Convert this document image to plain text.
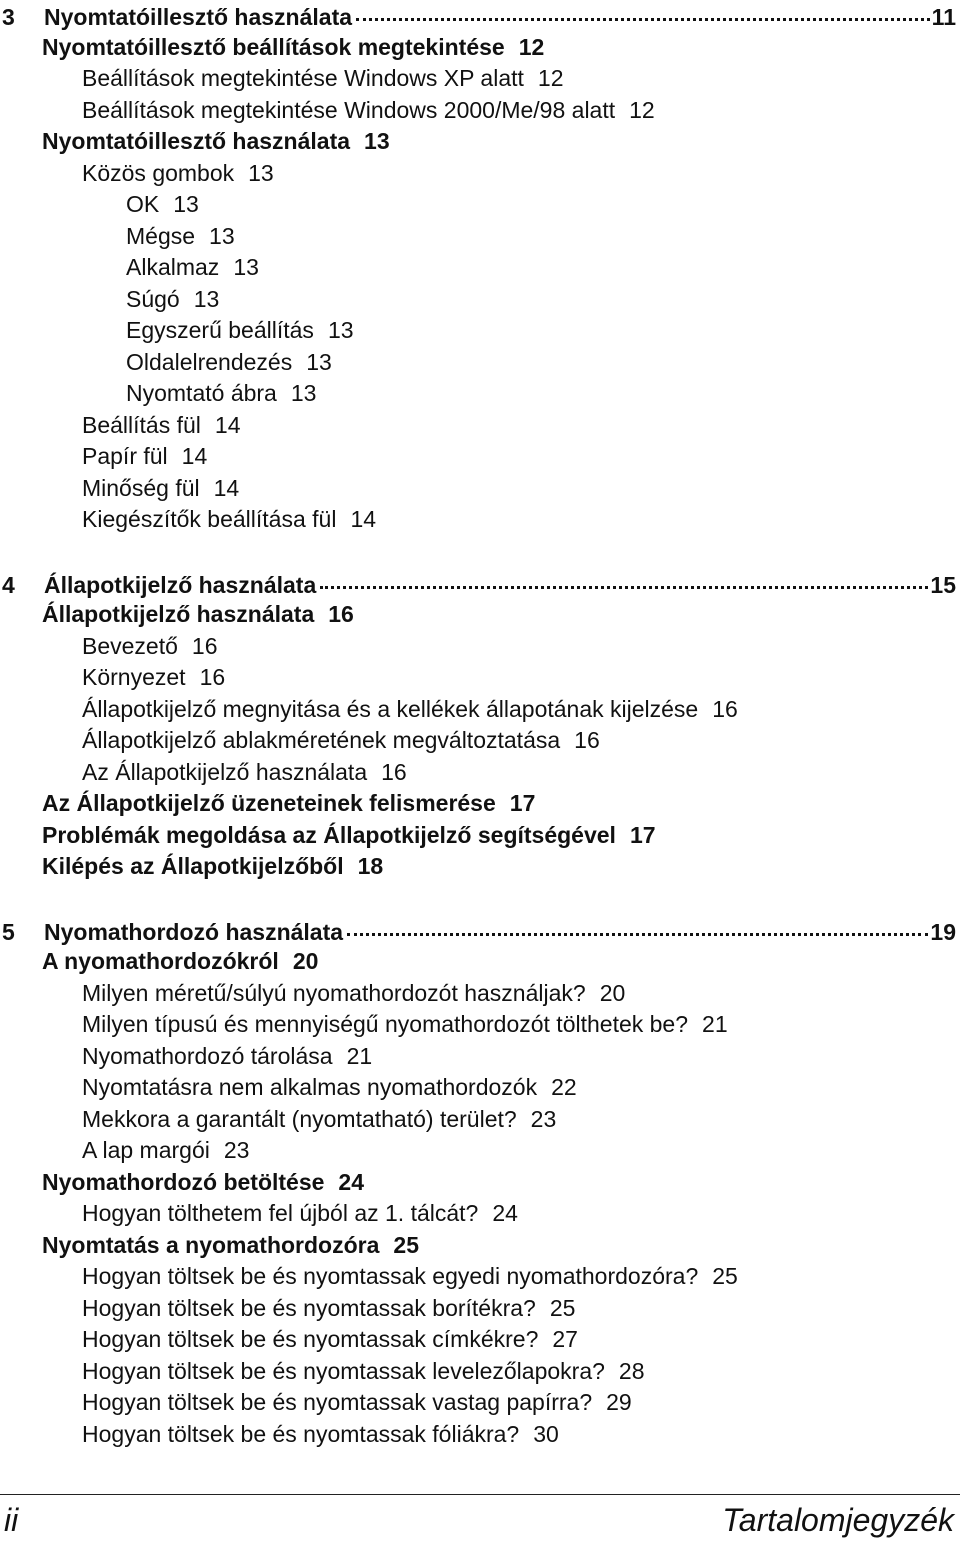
3	Nyomtatóillesztő használata	11
Nyomtatóillesztő beállítások megtekintése 12
Beállítások megtekintése Windows XP alatt 12
Beállítások megtekintése Windows 2000/Me/98 alatt 12
Nyomtatóillesztő használata 13
Közös gombok 13
OK 13
Mégse 13
Alkalmaz 13
Súgó 13
Egyszerű beállítás 13
Oldalelrendezés 13
Nyomtató ábra 13
Beállítás fül 14
Papír fül 14
Minőség fül 14
Kiegészítők beállítása fül 14
4	Állapotkijelző használata	15
Állapotkijelző használata 16
Bevezető 16
Környezet 16
Állapotkijelző megnyitása és a kellékek állapotának kijelzése 16
Állapotkijelző ablakméretének megváltoztatása 16
Az Állapotkijelző használata 16
Az Állapotkijelző üzeneteinek felismerése 17
Problémák megoldása az Állapotkijelző segítségével 17
Kilépés az Állapotkijelzőből 18
5	Nyomathordozó használata	19
A nyomathordozókról 20
Milyen méretű/súlyú nyomathordozót használjak? 20
Milyen típusú és mennyiségű nyomathordozót tölthetek be? 21
Nyomathordozó tárolása 21
Nyomtatásra nem alkalmas nyomathordozók 22
Mekkora a garantált (nyomtatható) terület? 23
A lap margói 23
Nyomathordozó betöltése 24
Hogyan tölthetem fel újból az 1. tálcát? 24
Nyomtatás a nyomathordozóra 25
Hogyan töltsek be és nyomtassak egyedi nyomathordozóra? 25
Hogyan töltsek be és nyomtassak borítékra? 25
Hogyan töltsek be és nyomtassak címkékre? 27
Hogyan töltsek be és nyomtassak levelezőlapokra? 28
Hogyan töltsek be és nyomtassak vastag papírra? 29
Hogyan töltsek be és nyomtassak fóliákra? 30
ii	Tartalomjegyzék
